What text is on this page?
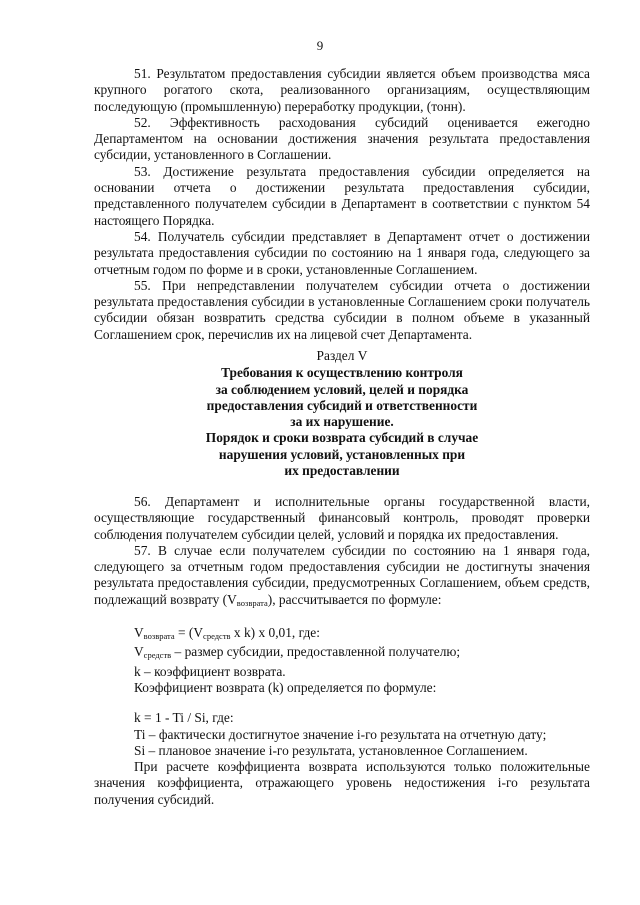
9

51. Результатом предоставления субсидии является объем производства мяса крупного рогатого скота, реализованного организациям, осуществляющим последующую (промышленную) переработку продукции, (тонн).

52. Эффективность расходования субсидий оценивается ежегодно Департаментом на основании достижения значения результата предоставления субсидии, установленного в Соглашении.

53. Достижение результата предоставления субсидии определяется на основании отчета о достижении результата предоставления субсидии, представленного получателем субсидии в Департамент в соответствии с пунктом 54 настоящего Порядка.

54. Получатель субсидии представляет в Департамент отчет о достижении результата предоставления субсидии по состоянию на 1 января года, следующего за отчетным годом по форме и в сроки, установленные Соглашением.

55. При непредставлении получателем субсидии отчета о достижении результата предоставления субсидии в установленные Соглашением сроки получатель субсидии обязан возвратить средства субсидии в полном объеме в указанный Соглашением срок, перечислив их на лицевой счет Департамента.

Раздел V
Требования к осуществлению контроля
за соблюдением условий, целей и порядка
предоставления субсидий и ответственности
за их нарушение.
Порядок и сроки возврата субсидий в случае
нарушения условий, установленных при
их предоставлении

56. Департамент и исполнительные органы государственной власти, осуществляющие государственный финансовый контроль, проводят проверки соблюдения получателем субсидии целей, условий и порядка их предоставления.

57. В случае если получателем субсидии по состоянию на 1 января года, следующего за отчетным годом предоставления субсидии не достигнуты значения результата предоставления субсидии, предусмотренных Соглашением, объем средств, подлежащий возврату $(V_{возврата})$, рассчитывается по формуле:

$V_{возврата} = (V_{средств}$ x k) x 0,01, где:

$V_{средств}$ – размер субсидии, предоставленной получателю;

k – коэффициент возврата.

Коэффициент возврата (k) определяется по формуле:

k = 1 - Ti / Si, где:

Ti – фактически достигнутое значение i-го результата на отчетную дату;

Si – плановое значение i-го результата, установленное Соглашением.

При расчете коэффициента возврата используются только положительные значения коэффициента, отражающего уровень недостижения i-го результата получения субсидий.
